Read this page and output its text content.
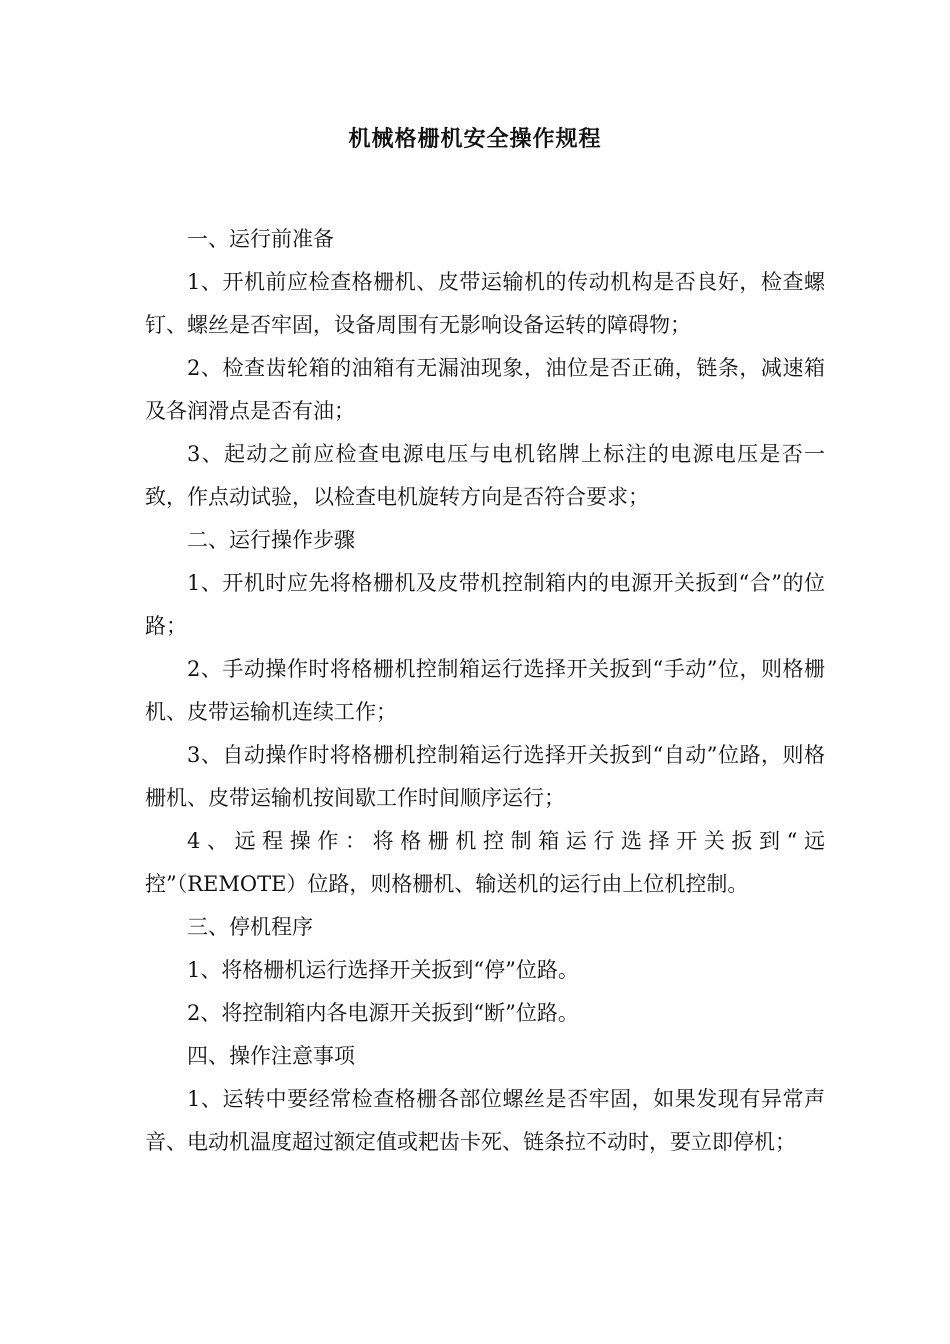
机械格栅机安全操作规程

一、运行前准备

1、开机前应检查格栅机、皮带运输机的传动机构是否良好，检查螺钉、螺丝是否牢固，设备周围有无影响设备运转的障碍物；

2、检查齿轮箱的油箱有无漏油现象，油位是否正确，链条，减速箱及各润滑点是否有油；

3、起动之前应检查电源电压与电机铭牌上标注的电源电压是否一致，作点动试验，以检查电机旋转方向是否符合要求；

二、运行操作步骤

1、开机时应先将格栅机及皮带机控制箱内的电源开关扳到“合”的位路；

2、手动操作时将格栅机控制箱运行选择开关扳到“手动”位，则格栅机、皮带运输机连续工作；

3、自动操作时将格栅机控制箱运行选择开关扳到“自动”位路，则格栅机、皮带运输机按间歇工作时间顺序运行；

4、远程操作：将格栅机控制箱运行选择开关扳到“远控”（REMOTE）位路，则格栅机、输送机的运行由上位机控制。

三、停机程序

1、将格栅机运行选择开关扳到“停”位路。

2、将控制箱内各电源开关扳到“断”位路。

四、操作注意事项

1、运转中要经常检查格栅各部位螺丝是否牢固，如果发现有异常声音、电动机温度超过额定值或耙齿卡死、链条拉不动时，要立即停机；
